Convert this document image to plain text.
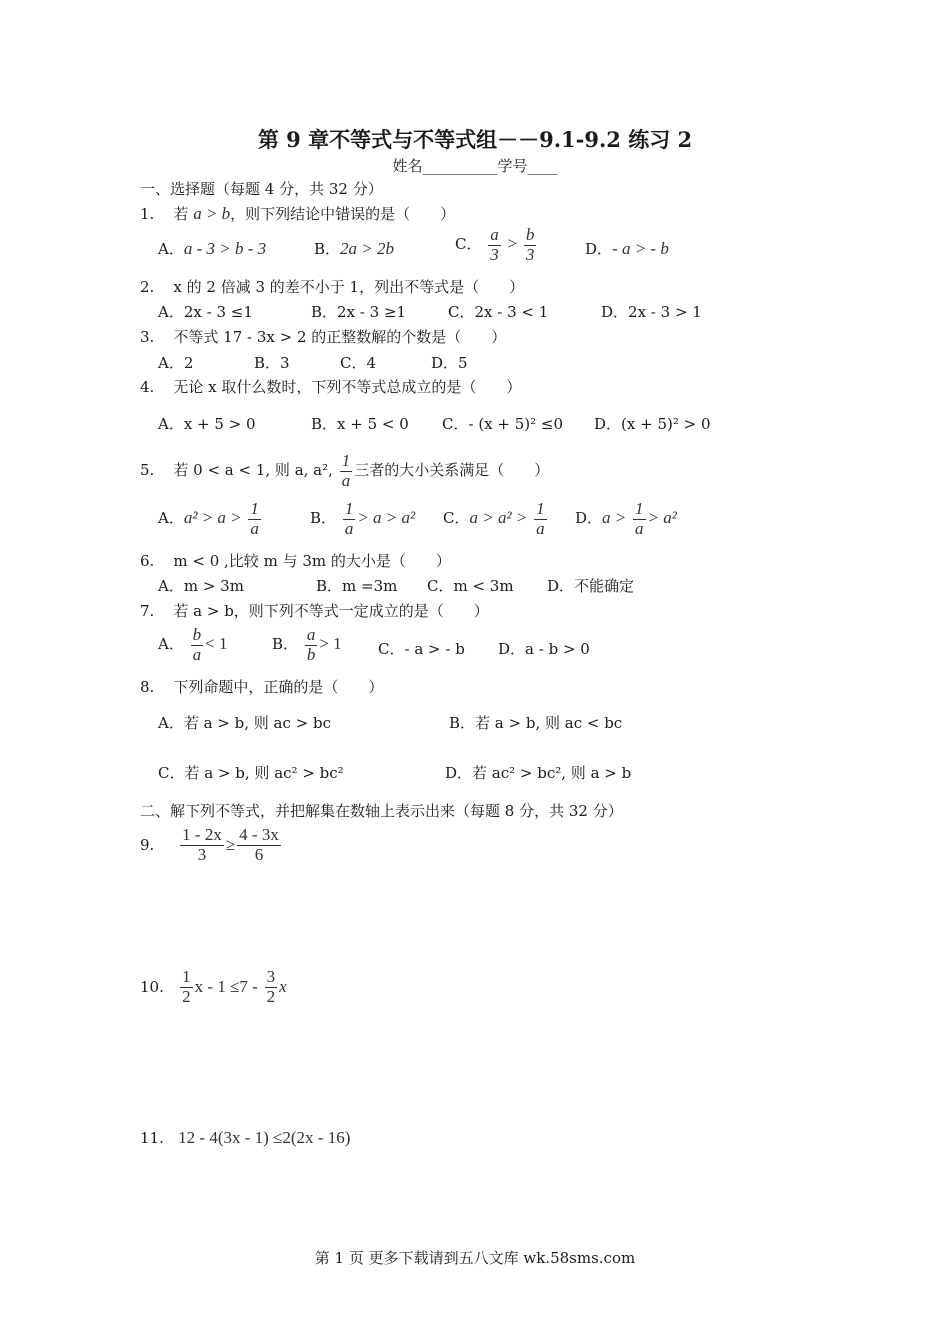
第 9 章不等式与不等式组－－9.1-9.2 练习 2
姓名__________学号____
一、选择题（每题 4 分，共 32 分）
1. 若 a > b，则下列结论中错误的是（　　）
A．a - 3 > b - 3	B．2a > 2b	C． $\frac{a}{3} > \frac{b}{3}$	D．- a > - b
2. x 的 2 倍减 3 的差不小于 1，列出不等式是（　　）
A．2x - 3 ≤1	B．2x - 3 ≥1	C．2x - 3 < 1	D．2x - 3 > 1
3. 不等式 17 - 3x > 2 的正整数解的个数是（　　）
A．2	B．3	C．4	D．5
4. 无论 x 取什么数时，下列不等式总成立的是（　　）
A．x + 5 > 0	B．x + 5 < 0 C．- (x + 5)² ≤0 D．(x + 5)² > 0
5. 若 0 < a < 1, 则 a, a², $\frac{1}{a}$ 三者的大小关系满足（　　）
A．$a^2 > a > \frac{1}{a}$	B． $\frac{1}{a} > a > a^2$ C．$a > a^2 > \frac{1}{a}$ D．$a > \frac{1}{a} > a^2$
6. m < 0 ,比较 m 与 3m 的大小是（　　）
A．m > 3m	B．m =3m C．m < 3m D．不能确定
7. 若 a > b，则下列不等式一定成立的是（　　）
A． $\frac{b}{a} < 1$	B． $\frac{a}{b} > 1$ C．- a > - b D．a - b > 0
8. 下列命题中，正确的是（　　）
A．若 a > b, 则 ac > bc	B．若 a > b, 则 ac < bc
C．若 a > b, 则 ac² > bc²	D．若 ac² > bc², 则 a > b
二、解下列不等式，并把解集在数轴上表示出来（每题 8 分，共 32 分）
9. $\frac{1 - 2x}{3} \ge \frac{4 - 3x}{6}$
10. $\frac{1}{2}$ $x - 1 \le 7 - \frac{3}{2}$ x
11. 12 - 4(3x - 1) ≤2(2x - 16)
第 1 页 更多下载请到五八文库 wk.58sms.com
